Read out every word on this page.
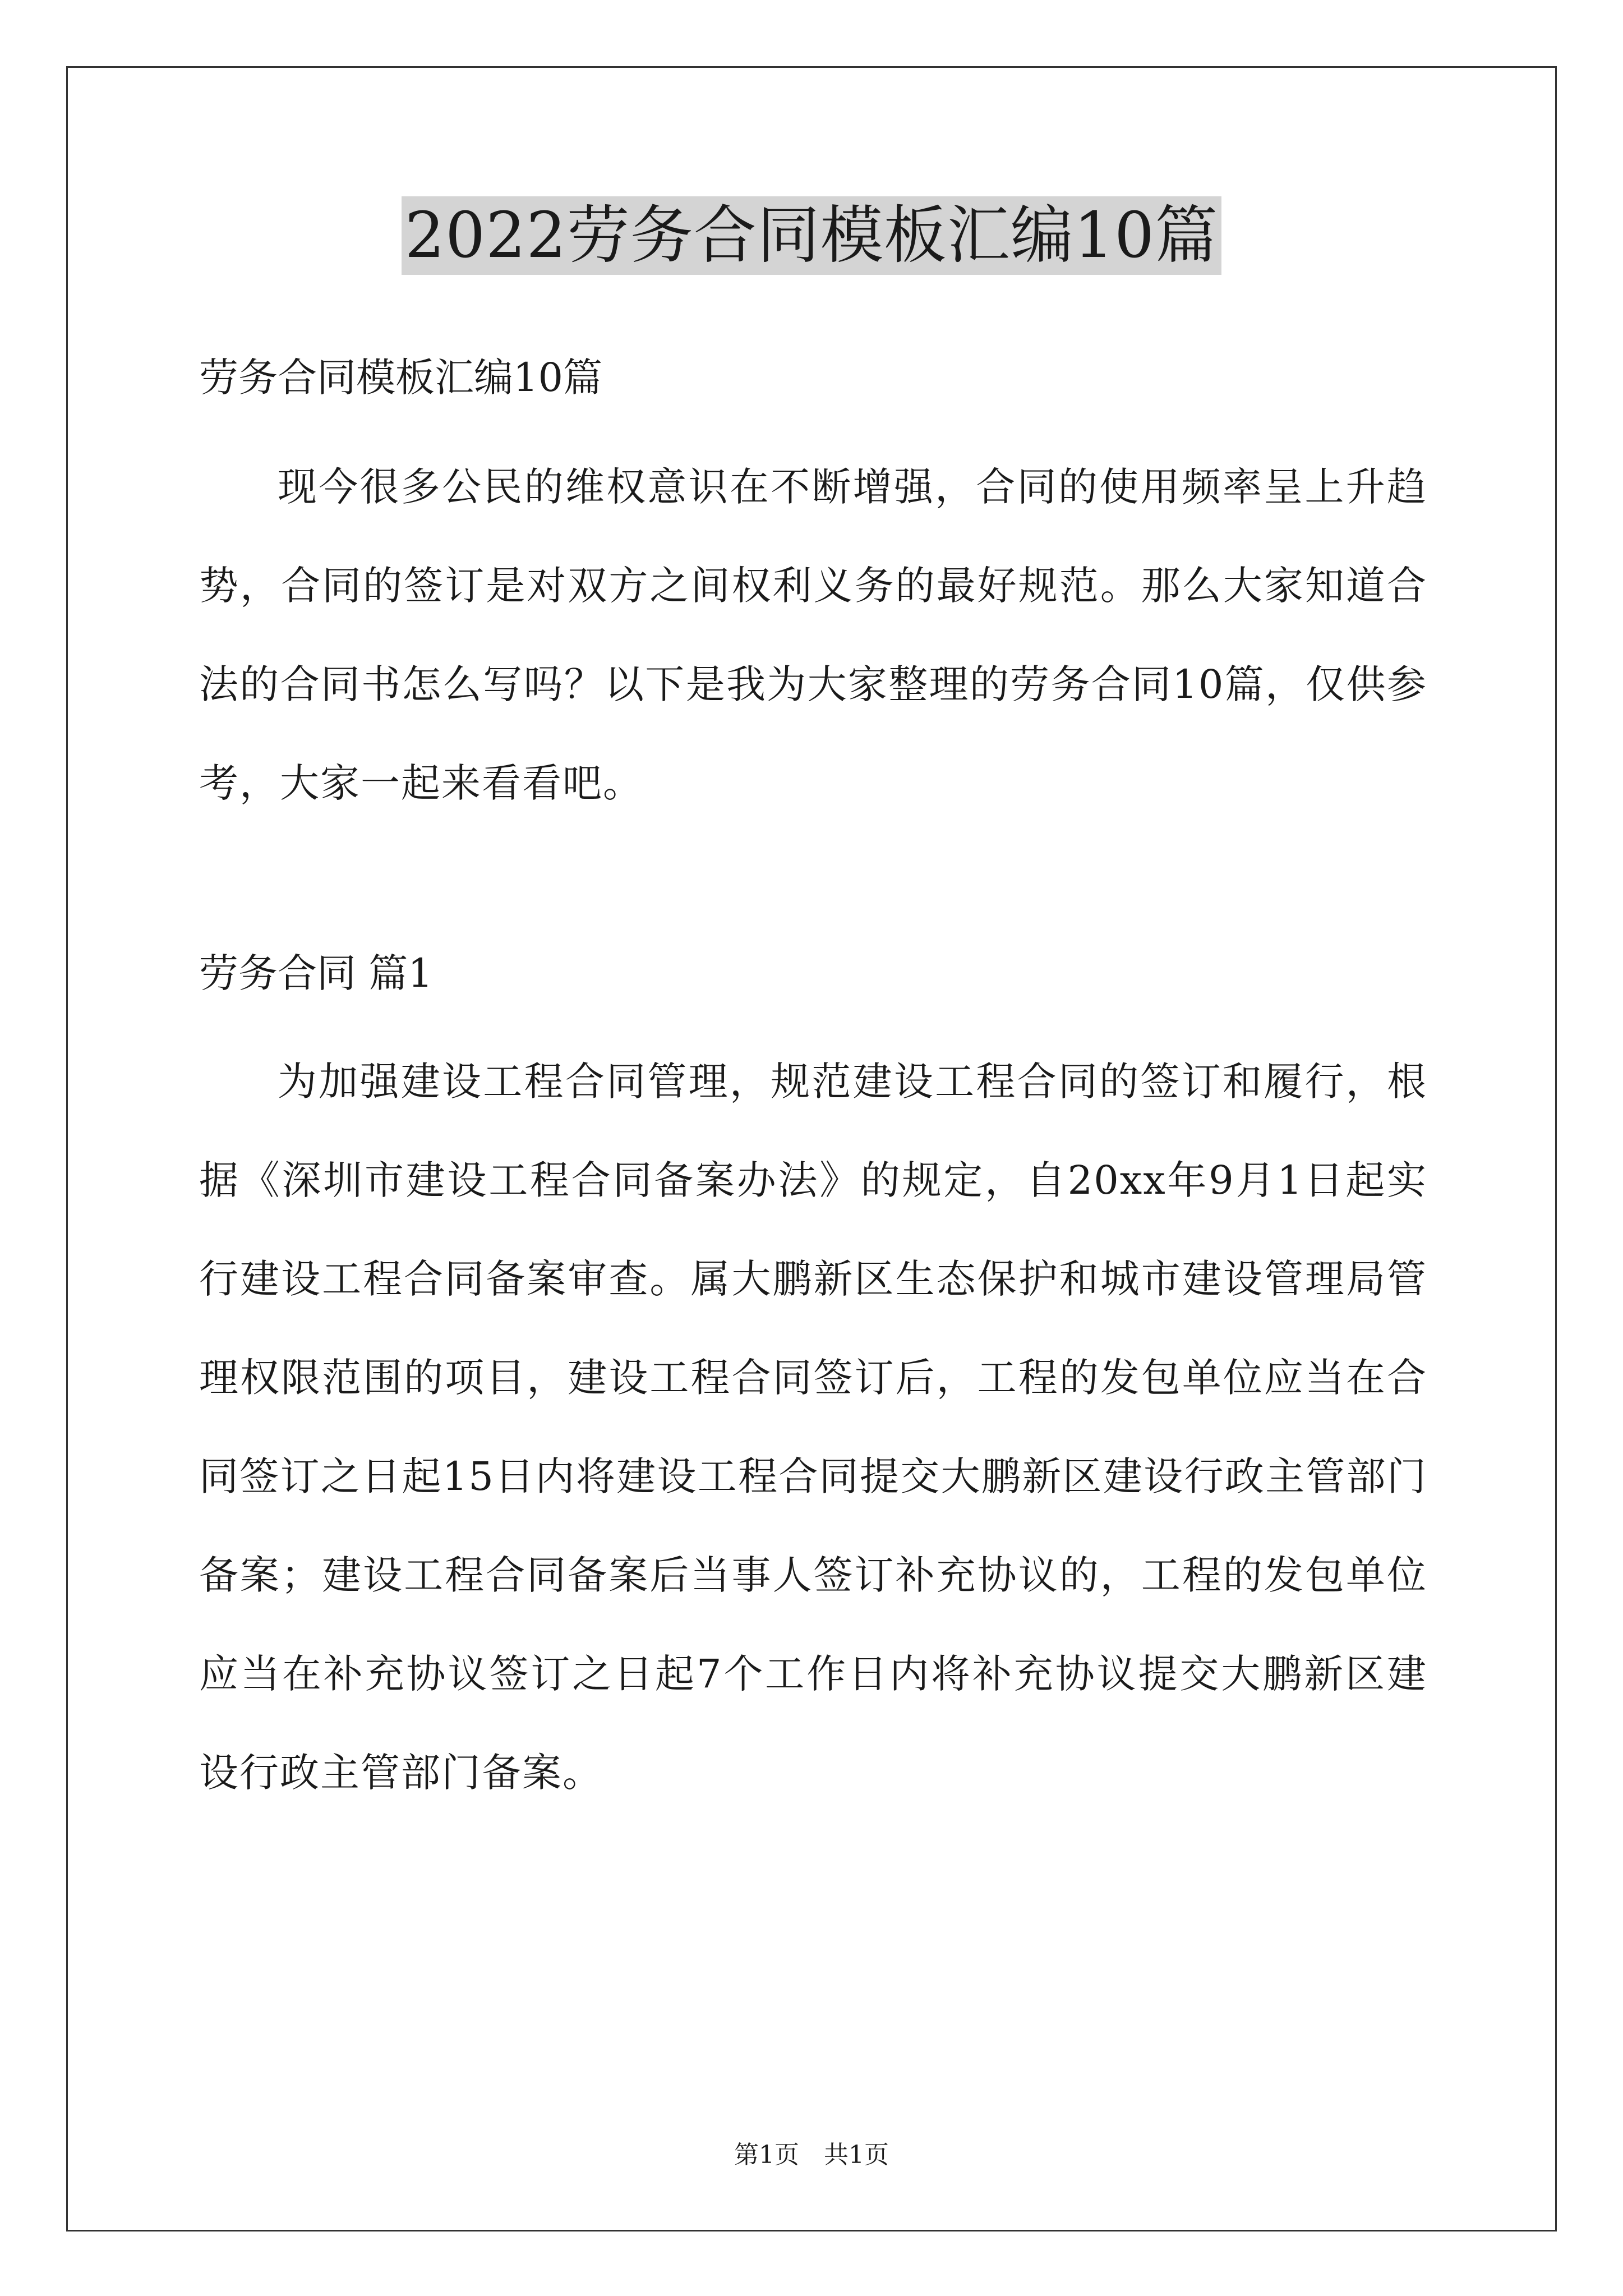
2022劳务合同模板汇编10篇
劳务合同模板汇编10篇
现今很多公民的维权意识在不断增强，合同的使用频率呈上升趋势，合同的签订是对双方之间权利义务的最好规范。那么大家知道合法的合同书怎么写吗？以下是我为大家整理的劳务合同10篇，仅供参考，大家一起来看看吧。
劳务合同 篇1
为加强建设工程合同管理，规范建设工程合同的签订和履行，根据《深圳市建设工程合同备案办法》的规定，自20xx年9月1日起实行建设工程合同备案审查。属大鹏新区生态保护和城市建设管理局管理权限范围的项目，建设工程合同签订后，工程的发包单位应当在合同签订之日起15日内将建设工程合同提交大鹏新区建设行政主管部门备案；建设工程合同备案后当事人签订补充协议的，工程的发包单位应当在补充协议签订之日起7个工作日内将补充协议提交大鹏新区建设行政主管部门备案。
第1页　共1页
